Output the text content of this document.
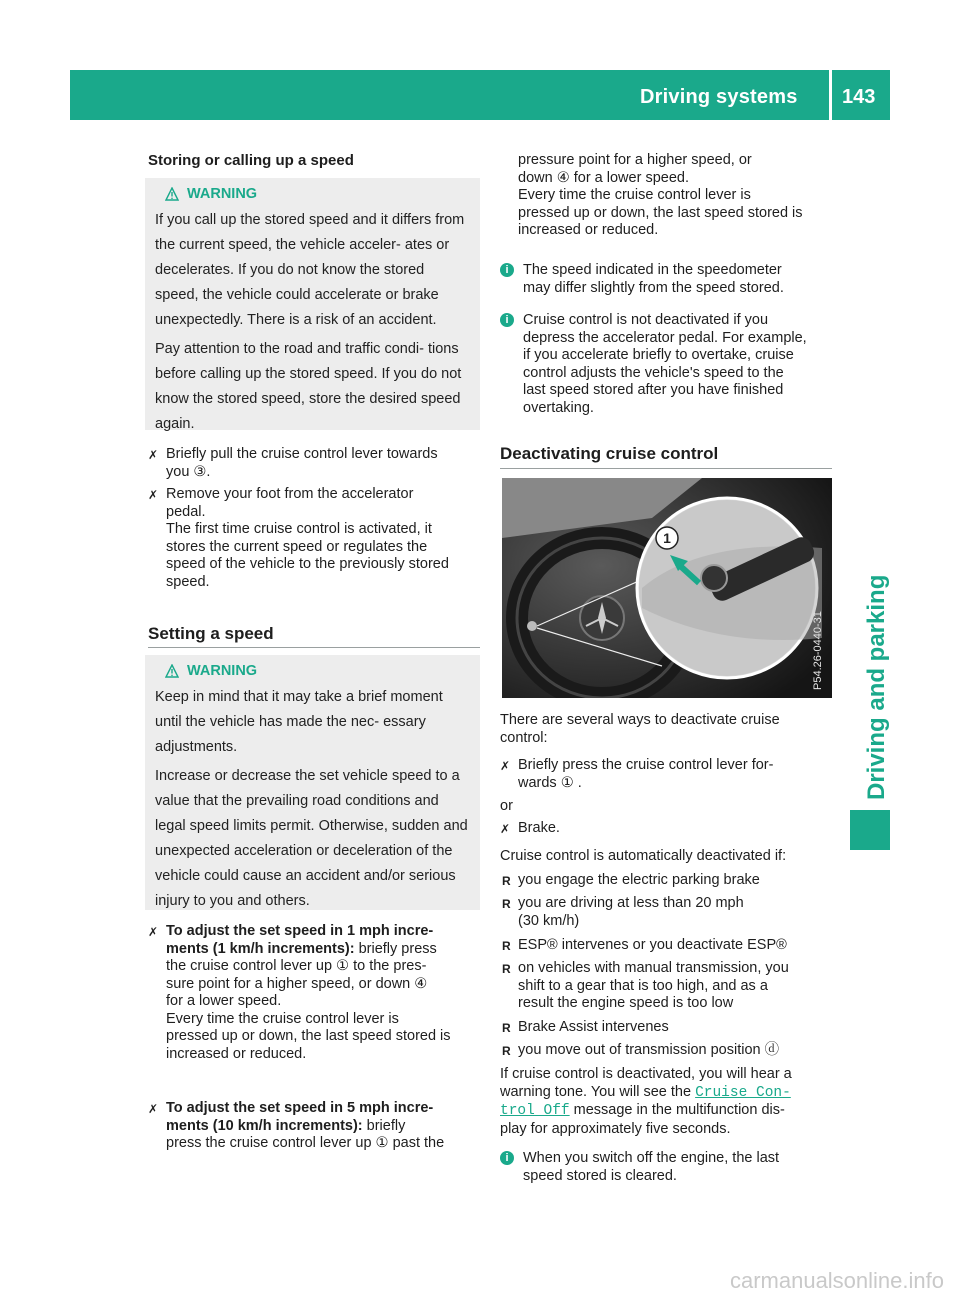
Driving systems 143
Driving and parking
Storing or calling up a speed
WARNING

If you call up the stored speed and it differs from the current speed, the vehicle acceler- ates or decelerates. If you do not know the stored speed, the vehicle could accelerate or brake unexpectedly. There is a risk of an accident.

Pay attention to the road and traffic condi- tions before calling up the stored speed. If you do not know the stored speed, store the desired speed again.

✗ Briefly pull the cruise control lever towards
you ③.
✗ Remove your foot from the accelerator
pedal.
The first time cruise control is activated, it
stores the current speed or regulates the
speed of the vehicle to the previously stored
speed.
Setting a speed
WARNING

Keep in mind that it may take a brief moment until the vehicle has made the nec- essary adjustments.

Increase or decrease the set vehicle speed to a value that the prevailing road conditions and legal speed limits permit. Otherwise, sudden and unexpected acceleration or deceleration of the vehicle could cause an accident and/or serious injury to you and others.

✗ To adjust the set speed in 1 mph incre-
ments (1 km/h increments): briefly press
the cruise control lever up ① to the pres-
sure point for a higher speed, or down ④
for a lower speed.
Every time the cruise control lever is
pressed up or down, the last speed stored is
increased or reduced.
✗ To adjust the set speed in 5 mph incre-
ments (10 km/h increments): briefly
press the cruise control lever up ① past the
pressure point for a higher speed, or
down ④ for a lower speed.
Every time the cruise control lever is
pressed up or down, the last speed stored is
increased or reduced.
i The speed indicated in the speedometer
may differ slightly from the speed stored.
i Cruise control is not deactivated if you
depress the accelerator pedal. For example,
if you accelerate briefly to overtake, cruise
control adjusts the vehicle's speed to the
last speed stored after you have finished
overtaking.
Deactivating cruise control
1
P54.26-0440-31
There are several ways to deactivate cruise
control:
✗ Briefly press the cruise control lever for-
wards ① .
or
✗ Brake.
Cruise control is automatically deactivated if:
R you engage the electric parking brake
R you are driving at less than 20 mph
(30 km/h)
R ESP® intervenes or you deactivate ESP®
R on vehicles with manual transmission, you
shift to a gear that is too high, and as a
result the engine speed is too low
R Brake Assist intervenes
R you move out of transmission position ⓓ
If cruise control is deactivated, you will hear a
warning tone. You will see the Cruise Con‐
trol Off message in the multifunction dis-
play for approximately five seconds.
i When you switch off the engine, the last
speed stored is cleared.
carmanualsonline.info
